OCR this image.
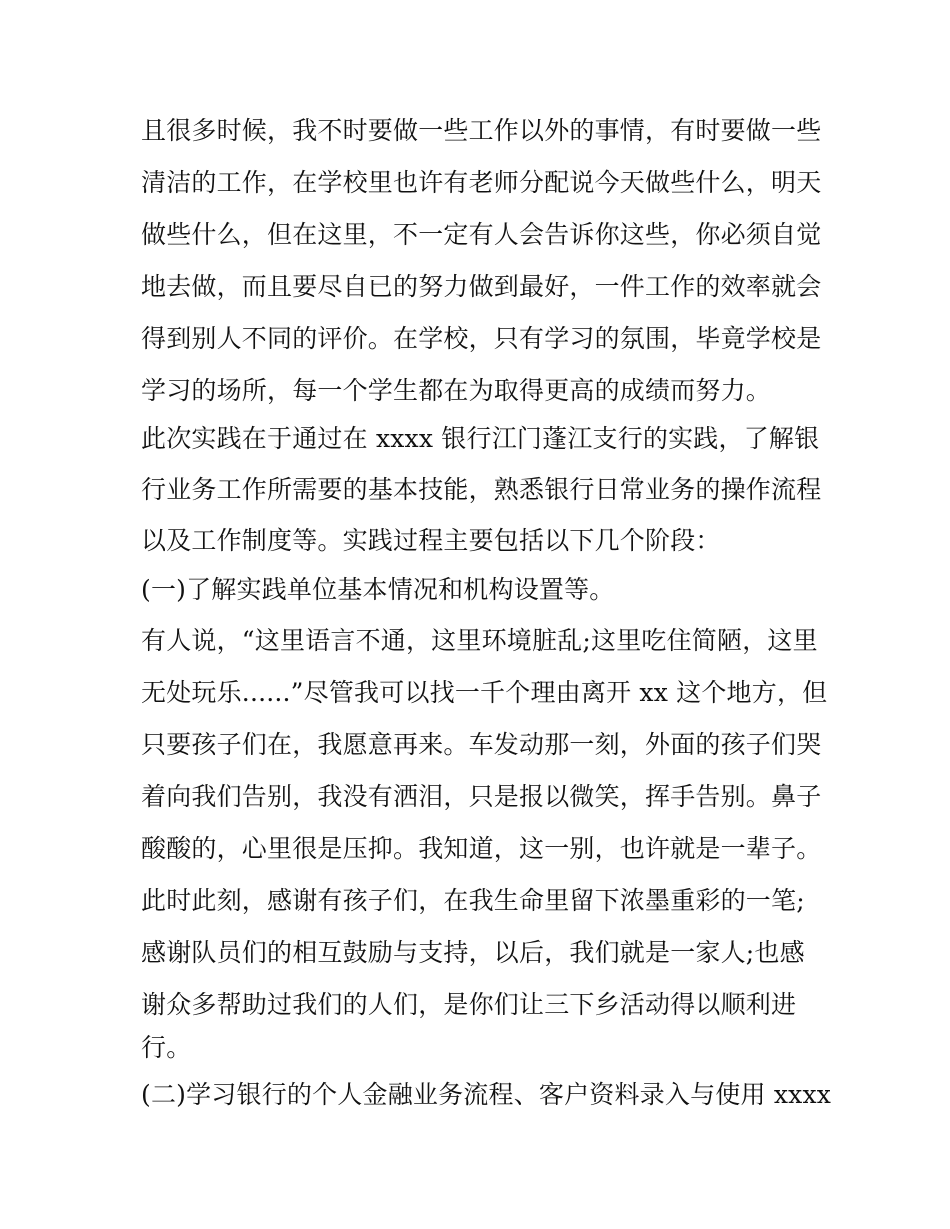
且很多时候，我不时要做一些工作以外的事情，有时要做一些
清洁的工作，在学校里也许有老师分配说今天做些什么，明天
做些什么，但在这里，不一定有人会告诉你这些，你必须自觉
地去做，而且要尽自已的努力做到最好，一件工作的效率就会
得到别人不同的评价。在学校，只有学习的氛围，毕竟学校是
学习的场所，每一个学生都在为取得更高的成绩而努力。
此次实践在于通过在 xxxx 银行江门蓬江支行的实践，了解银
行业务工作所需要的基本技能，熟悉银行日常业务的操作流程
以及工作制度等。实践过程主要包括以下几个阶段：
(一)了解实践单位基本情况和机构设置等。
有人说，“这里语言不通，这里环境脏乱;这里吃住简陋，这里
无处玩乐......”尽管我可以找一千个理由离开 xx 这个地方，但
只要孩子们在，我愿意再来。车发动那一刻，外面的孩子们哭
着向我们告别，我没有洒泪，只是报以微笑，挥手告别。鼻子
酸酸的，心里很是压抑。我知道，这一别，也许就是一辈子。
此时此刻，感谢有孩子们，在我生命里留下浓墨重彩的一笔;
感谢队员们的相互鼓励与支持，以后，我们就是一家人;也感
谢众多帮助过我们的人们，是你们让三下乡活动得以顺利进
行。
(二)学习银行的个人金融业务流程、客户资料录入与使用 xxxx
